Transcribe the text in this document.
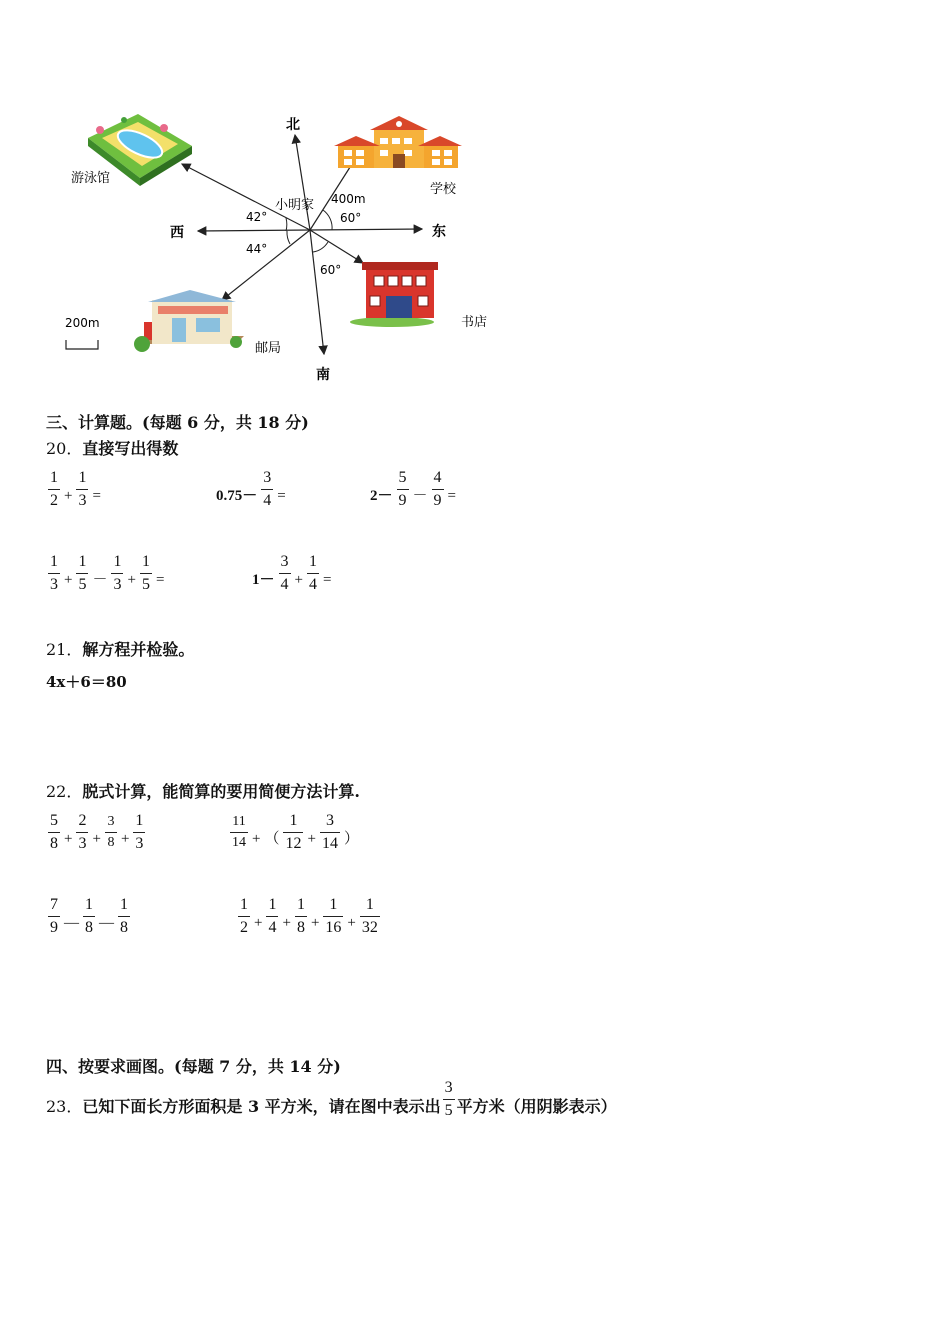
北
南
东
西
小明家
42°
44°
60°
60°
400m
游泳馆
学校
书店
邮局
200m
三、计算题。(每题 6 分，共 18 分)
20．直接写出得数
$\frac{1}{2} + \frac{1}{3}$ =	$0.75- \frac{3}{4}$ =	$2- \frac{5}{9} - \frac{4}{9}$ =
$\frac{1}{3} + \frac{1}{5} - \frac{1}{3} + \frac{1}{5}$ =	$1- \frac{3}{4} + \frac{1}{4}$ =
21．解方程并检验。
4x＋6＝80
22．脱式计算，能简算的要用简便方法计算.
$\frac{5}{8} + \frac{2}{3} + \frac{3}{8} + \frac{1}{3}$	$\frac{11}{14}$ + （ $\frac{1}{12} + \frac{3}{14}$ ）
$\frac{7}{9}$ — $\frac{1}{8}$ — $\frac{1}{8}$	$\frac{1}{2} + \frac{1}{4} + \frac{1}{8} + \frac{1}{16} + \frac{1}{32}$
四、按要求画图。(每题 7 分，共 14 分)
23． 已知下面长方形面积是 3 平方米，请在图中表示出 $\frac{3}{5}$ 平方米（用阴影表示）
